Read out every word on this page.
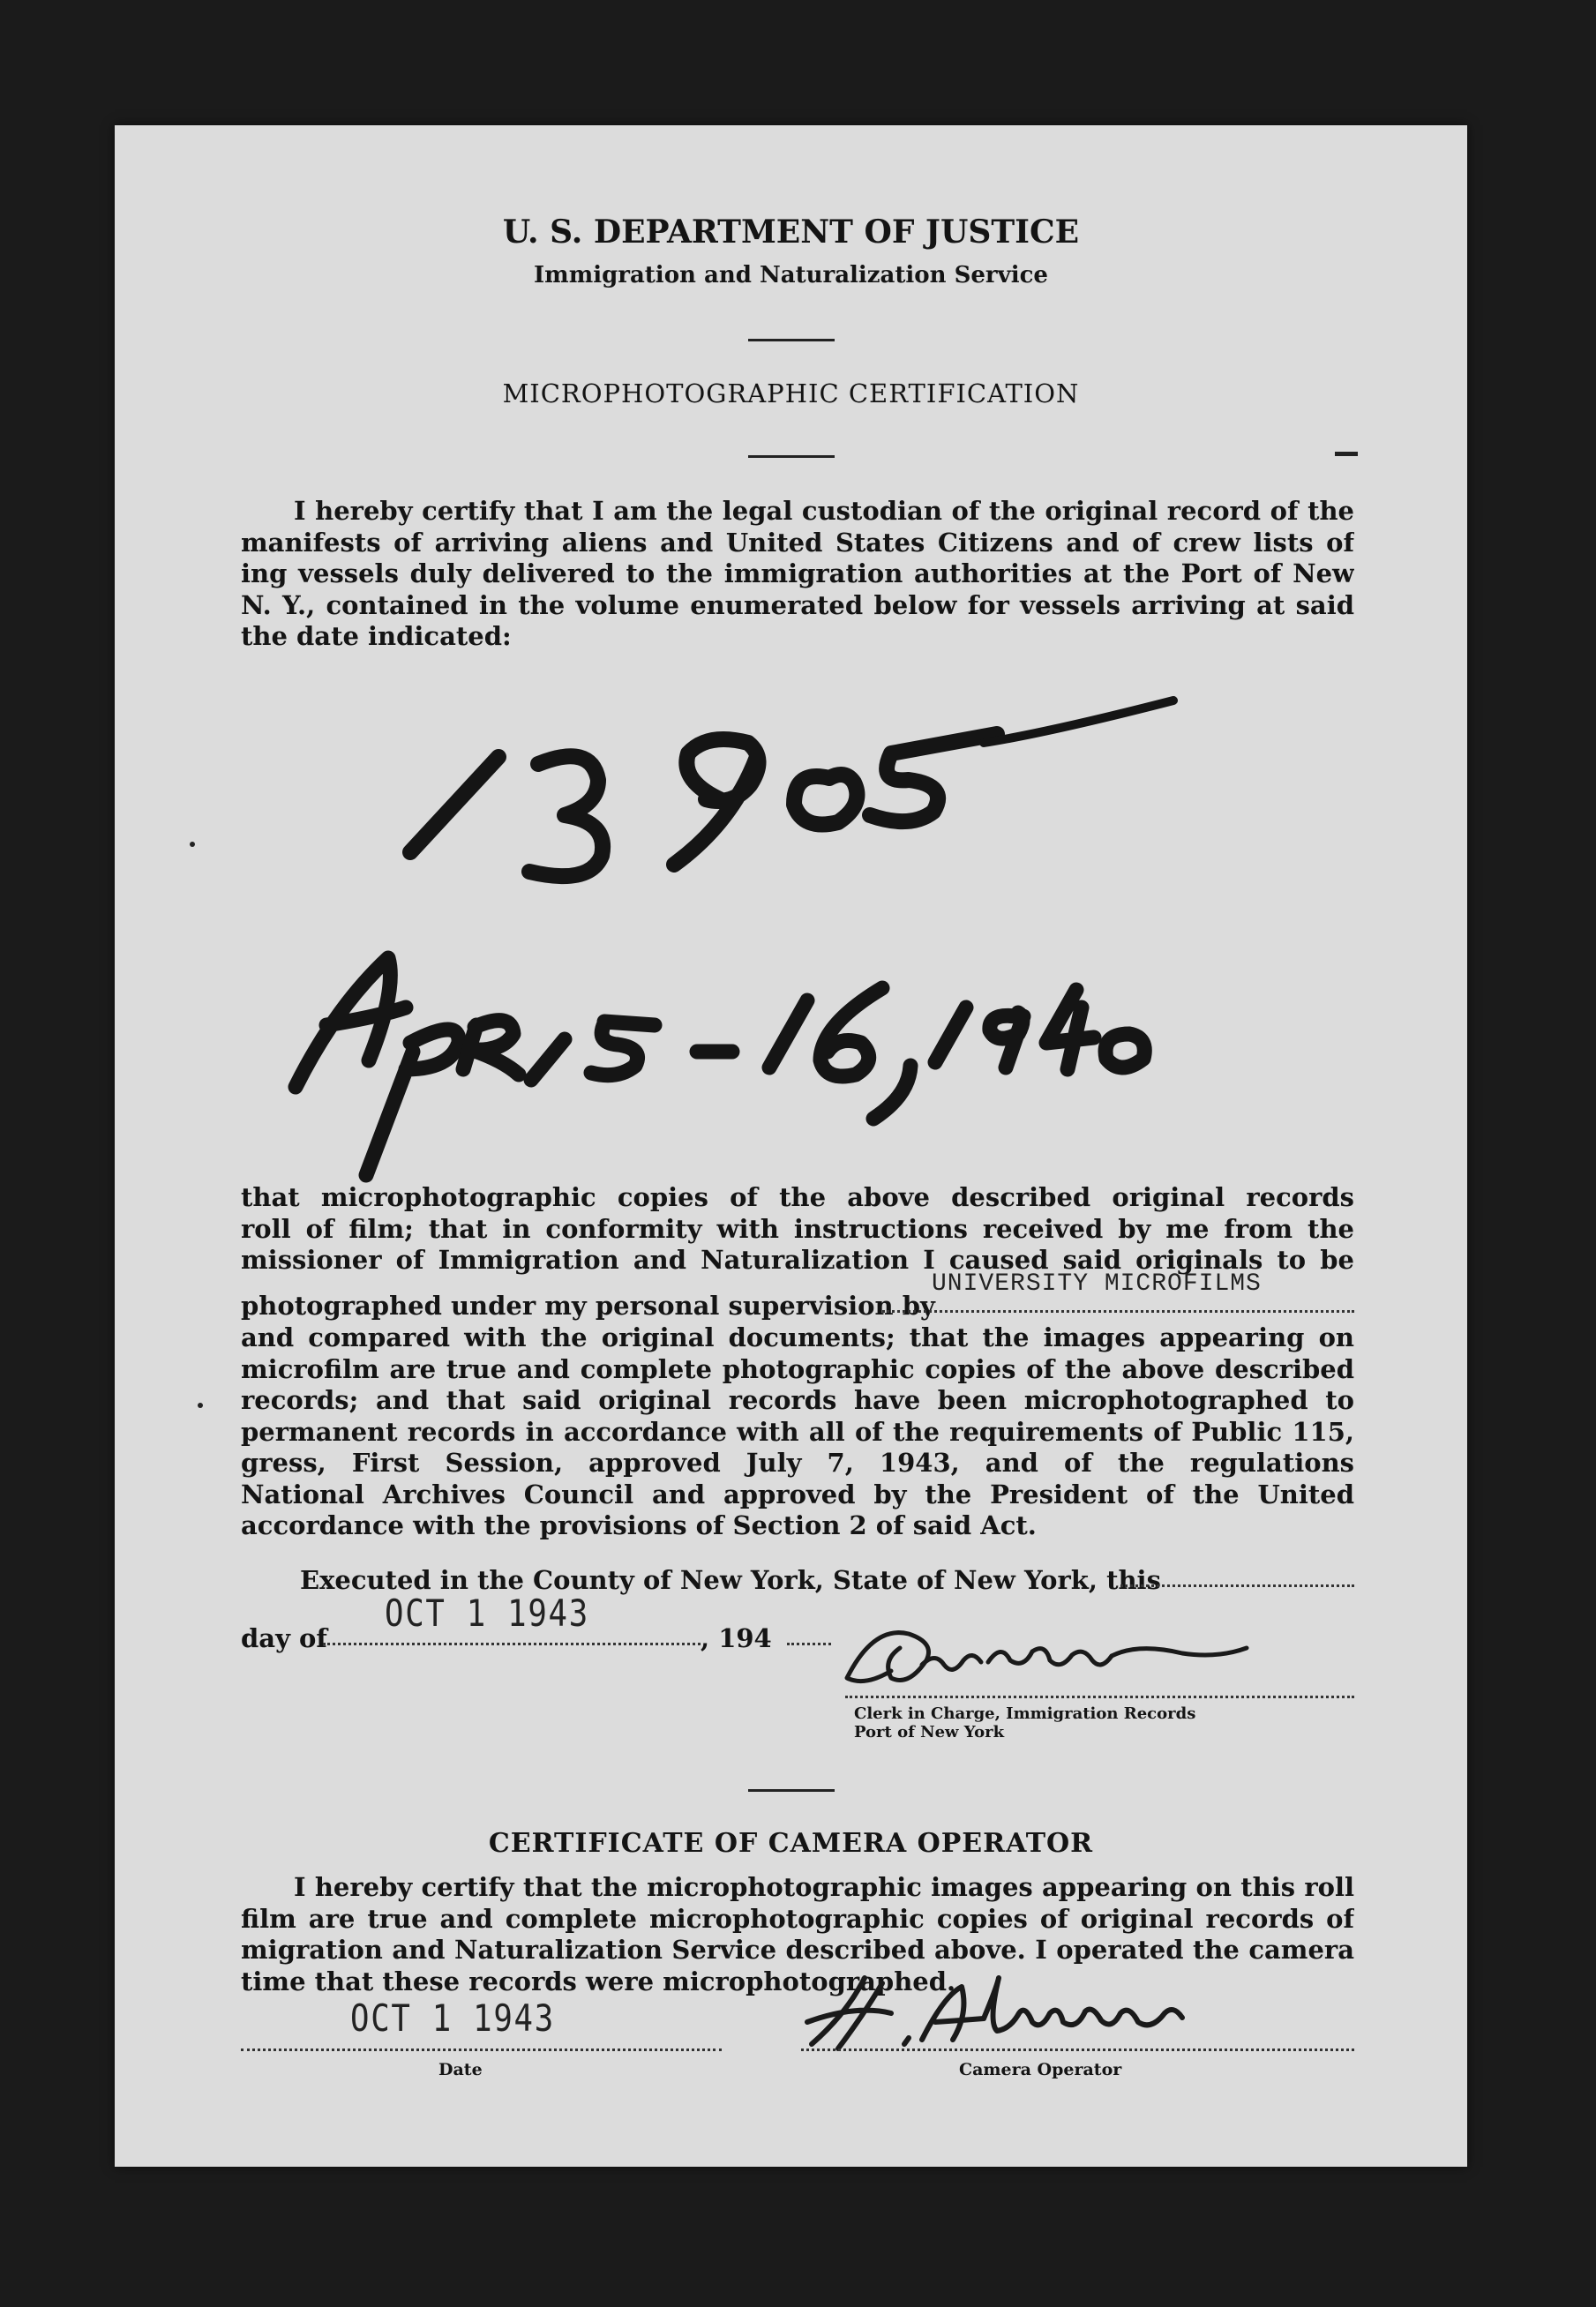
U. S. DEPARTMENT OF JUSTICE
Immigration and Naturalization Service
MICROPHOTOGRAPHIC CERTIFICATION
I hereby certify that I am the legal custodian of the original record of the
manifests of arriving aliens and United States Citizens and of crew lists of
ing vessels duly delivered to the immigration authorities at the Port of New
N. Y., contained in the volume enumerated below for vessels arriving at said
the date indicated:
that microphotographic copies of the above described original records
roll of film; that in conformity with instructions received by me from the
missioner of Immigration and Naturalization I caused said originals to be
photographed under my personal supervision by
UNIVERSITY MICROFILMS
and compared with the original documents; that the images appearing on
microfilm are true and complete photographic copies of the above described
records; and that said original records have been microphotographed to
permanent records in accordance with all of the requirements of Public 115,
gress, First Session, approved July 7, 1943, and of the regulations
National Archives Council and approved by the President of the United
accordance with the provisions of Section 2 of said Act.
Executed in the County of New York, State of New York, this
day of
OCT 1 1943
, 194
Clerk in Charge, Immigration Records
Port of New York
CERTIFICATE OF CAMERA OPERATOR
I hereby certify that the microphotographic images appearing on this roll
film are true and complete microphotographic copies of original records of
migration and Naturalization Service described above. I operated the camera
time that these records were microphotographed.
OCT 1 1943
Date	Camera Operator
